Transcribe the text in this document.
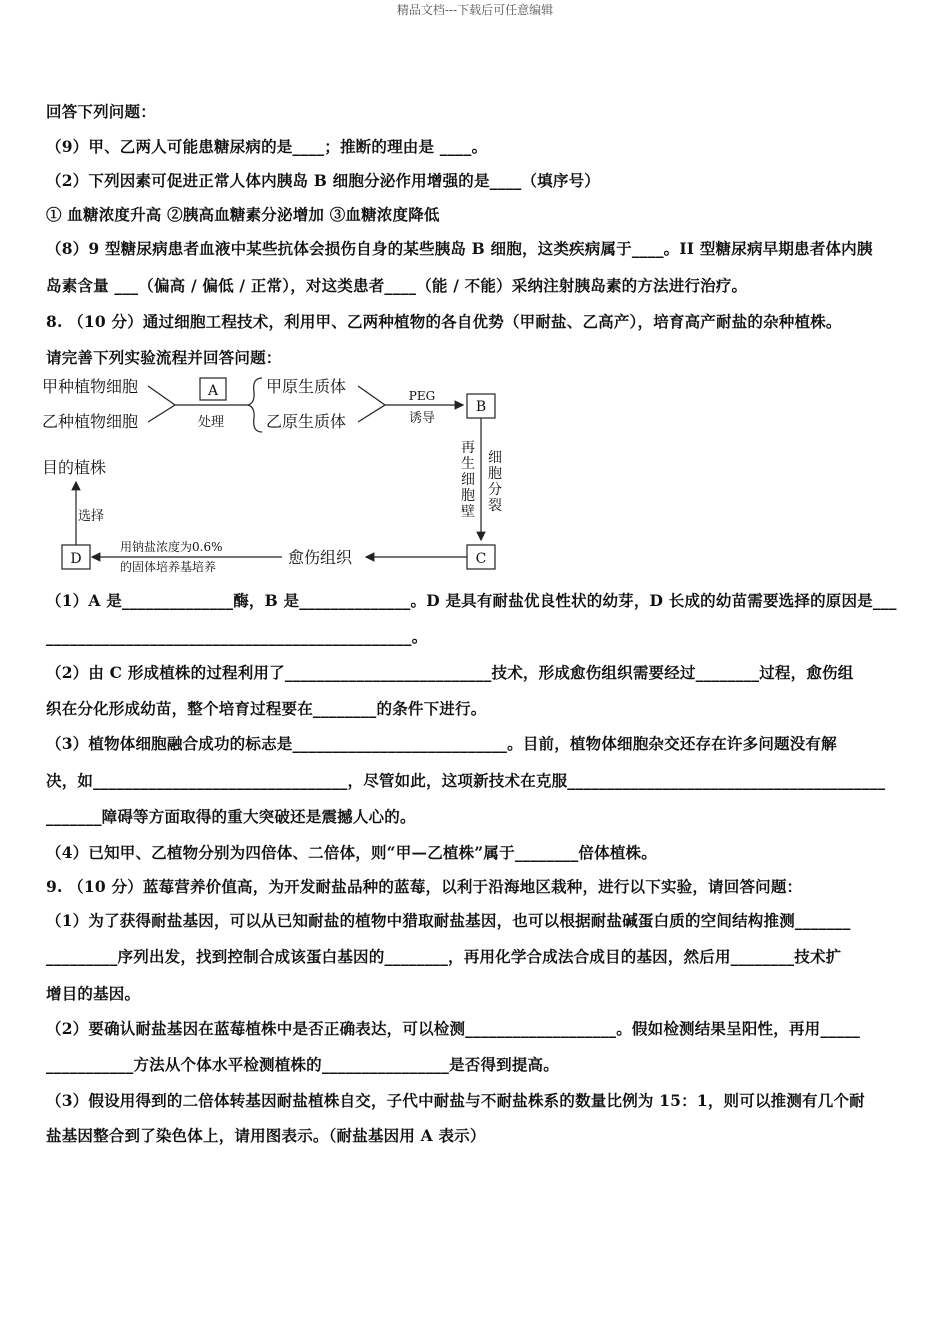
精品文档---下载后可任意编辑
回答下列问题：
（9）甲、乙两人可能患糖尿病的是____；推断的理由是 ____。
（2）下列因素可促进正常人体内胰岛 B 细胞分泌作用增强的是____（填序号）
① 血糖浓度升高 ②胰高血糖素分泌增加 ③血糖浓度降低
（8）9 型糖尿病患者血液中某些抗体会损伤自身的某些胰岛 B 细胞，这类疾病属于____。II 型糖尿病早期患者体内胰
岛素含量 ___（偏高 / 偏低 / 正常），对这类患者____（能 / 不能）采纳注射胰岛素的方法进行治疗。
8. （10 分）通过细胞工程技术，利用甲、乙两种植物的各自优势（甲耐盐、乙高产），培育高产耐盐的杂种植株。
请完善下列实验流程并回答问题：
（1）A 是______________酶，B 是______________。D 是具有耐盐优良性状的幼芽，D 长成的幼苗需要选择的原因是___
______________________________________________。
（2）由 C 形成植株的过程利用了__________________________技术，形成愈伤组织需要经过________过程，愈伤组
织在分化形成幼苗，整个培育过程要在________的条件下进行。
（3）植物体细胞融合成功的标志是___________________________。目前，植物体细胞杂交还存在许多问题没有解
决，如________________________________，尽管如此，这项新技术在克服________________________________________
_______障碍等方面取得的重大突破还是震撼人心的。
（4）已知甲、乙植物分别为四倍体、二倍体，则“甲—乙植株”属于________倍体植株。
9. （10 分）蓝莓营养价值高，为开发耐盐品种的蓝莓，以利于沿海地区栽种，进行以下实验，请回答问题：
（1）为了获得耐盐基因，可以从已知耐盐的植物中猎取耐盐基因，也可以根据耐盐碱蛋白质的空间结构推测_______
_________序列出发，找到控制合成该蛋白基因的________，再用化学合成法合成目的基因，然后用________技术扩
增目的基因。
（2）要确认耐盐基因在蓝莓植株中是否正确表达，可以检测___________________。假如检测结果呈阳性，再用_____
___________方法从个体水平检测植株的________________是否得到提高。
（3）假设用得到的二倍体转基因耐盐植株自交，子代中耐盐与不耐盐株系的数量比例为 15：1，则可以推测有几个耐
盐基因整合到了染色体上，请用图表示。（耐盐基因用 A 表示）
甲种植物细胞
乙种植物细胞
A
处理
甲原生质体
乙原生质体
PEG
诱导
B
再
生
细
胞
壁
细
胞
分
裂
C
愈伤组织
用钠盐浓度为0.6%
的固体培养基培养
D
选择
目的植株
